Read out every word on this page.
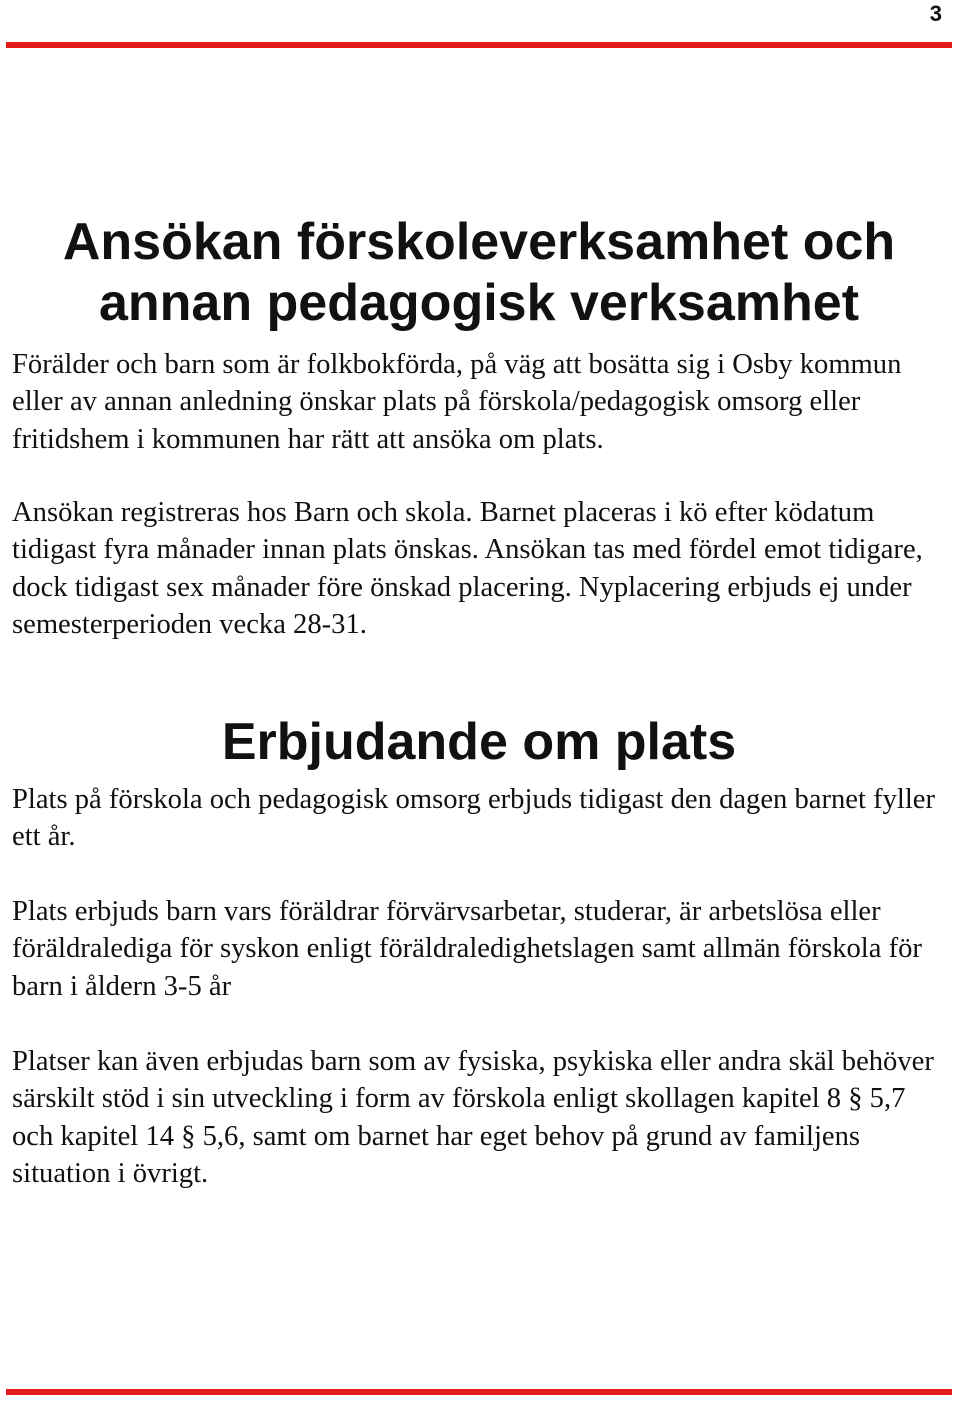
3
Ansökan förskoleverksamhet och
annan pedagogisk verksamhet

Förälder och barn som är folkbokförda, på väg att bosätta sig i Osby kommun eller av annan anledning önskar plats på förskola/pedagogisk omsorg eller fritidshem i kommunen har rätt att ansöka om plats.

Ansökan registreras hos Barn och skola. Barnet placeras i kö efter ködatum tidigast fyra månader innan plats önskas. Ansökan tas med fördel emot tidigare, dock tidigast sex månader före önskad placering. Nyplacering erbjuds ej under semesterperioden vecka 28-31.

Erbjudande om plats

Plats på förskola och pedagogisk omsorg erbjuds tidigast den dagen barnet fyller ett år.

Plats erbjuds barn vars föräldrar förvärvsarbetar, studerar, är arbetslösa eller föräldralediga för syskon enligt föräldraledighetslagen samt allmän förskola för barn i åldern 3-5 år

Platser kan även erbjudas barn som av fysiska, psykiska eller andra skäl behöver särskilt stöd i sin utveckling i form av förskola enligt skollagen kapitel 8 § 5,7 och kapitel 14 § 5,6, samt om barnet har eget behov på grund av familjens situation i övrigt.
